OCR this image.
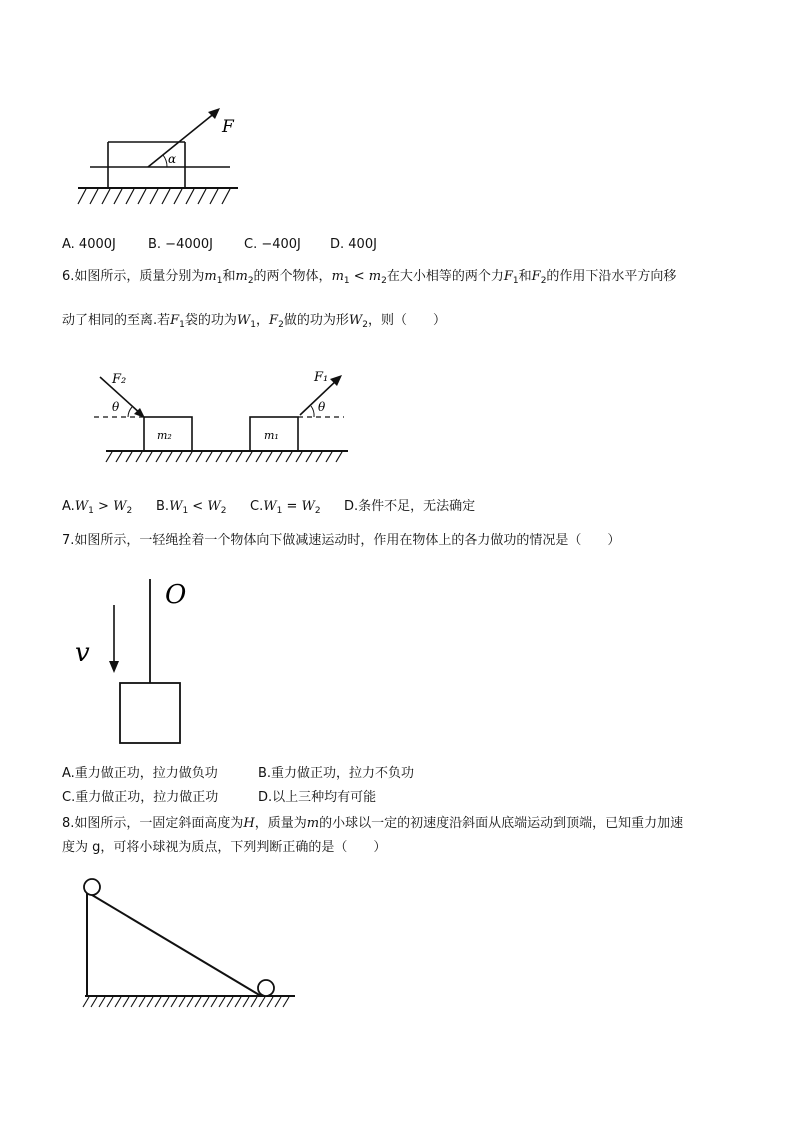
F
α
A. 4000J B. −4000J C. −400J D. 400J
6.如图所示，质量分别为$m_1$和$m_2$的两个物体，$m_1 < m_2$在大小相等的两个力$F_1$和$F_2$的作用下沿水平方向移
动了相同的至离.若$F_1$袋的功为$W_1$，$F_2$做的功为形$W_2$，则（　　）
F₂	F₁
θ	θ
m₂	m₁
$A.W_1 > W_2$ $B.W_1 < W_2$ $C.W_1 = W_2$ D.条件不足，无法确定
7.如图所示，一轻绳拴着一个物体向下做减速运动时，作用在物体上的各力做功的情况是（　　）
O
v
A.重力做正功，拉力做负功	B.重力做正功，拉力不负功
C.重力做正功，拉力做正功	D.以上三种均有可能
8.如图所示，一固定斜面高度为H，质量为m的小球以一定的初速度沿斜面从底端运动到顶端，已知重力加速
度为 g，可将小球视为质点，下列判断正确的是（　　）
